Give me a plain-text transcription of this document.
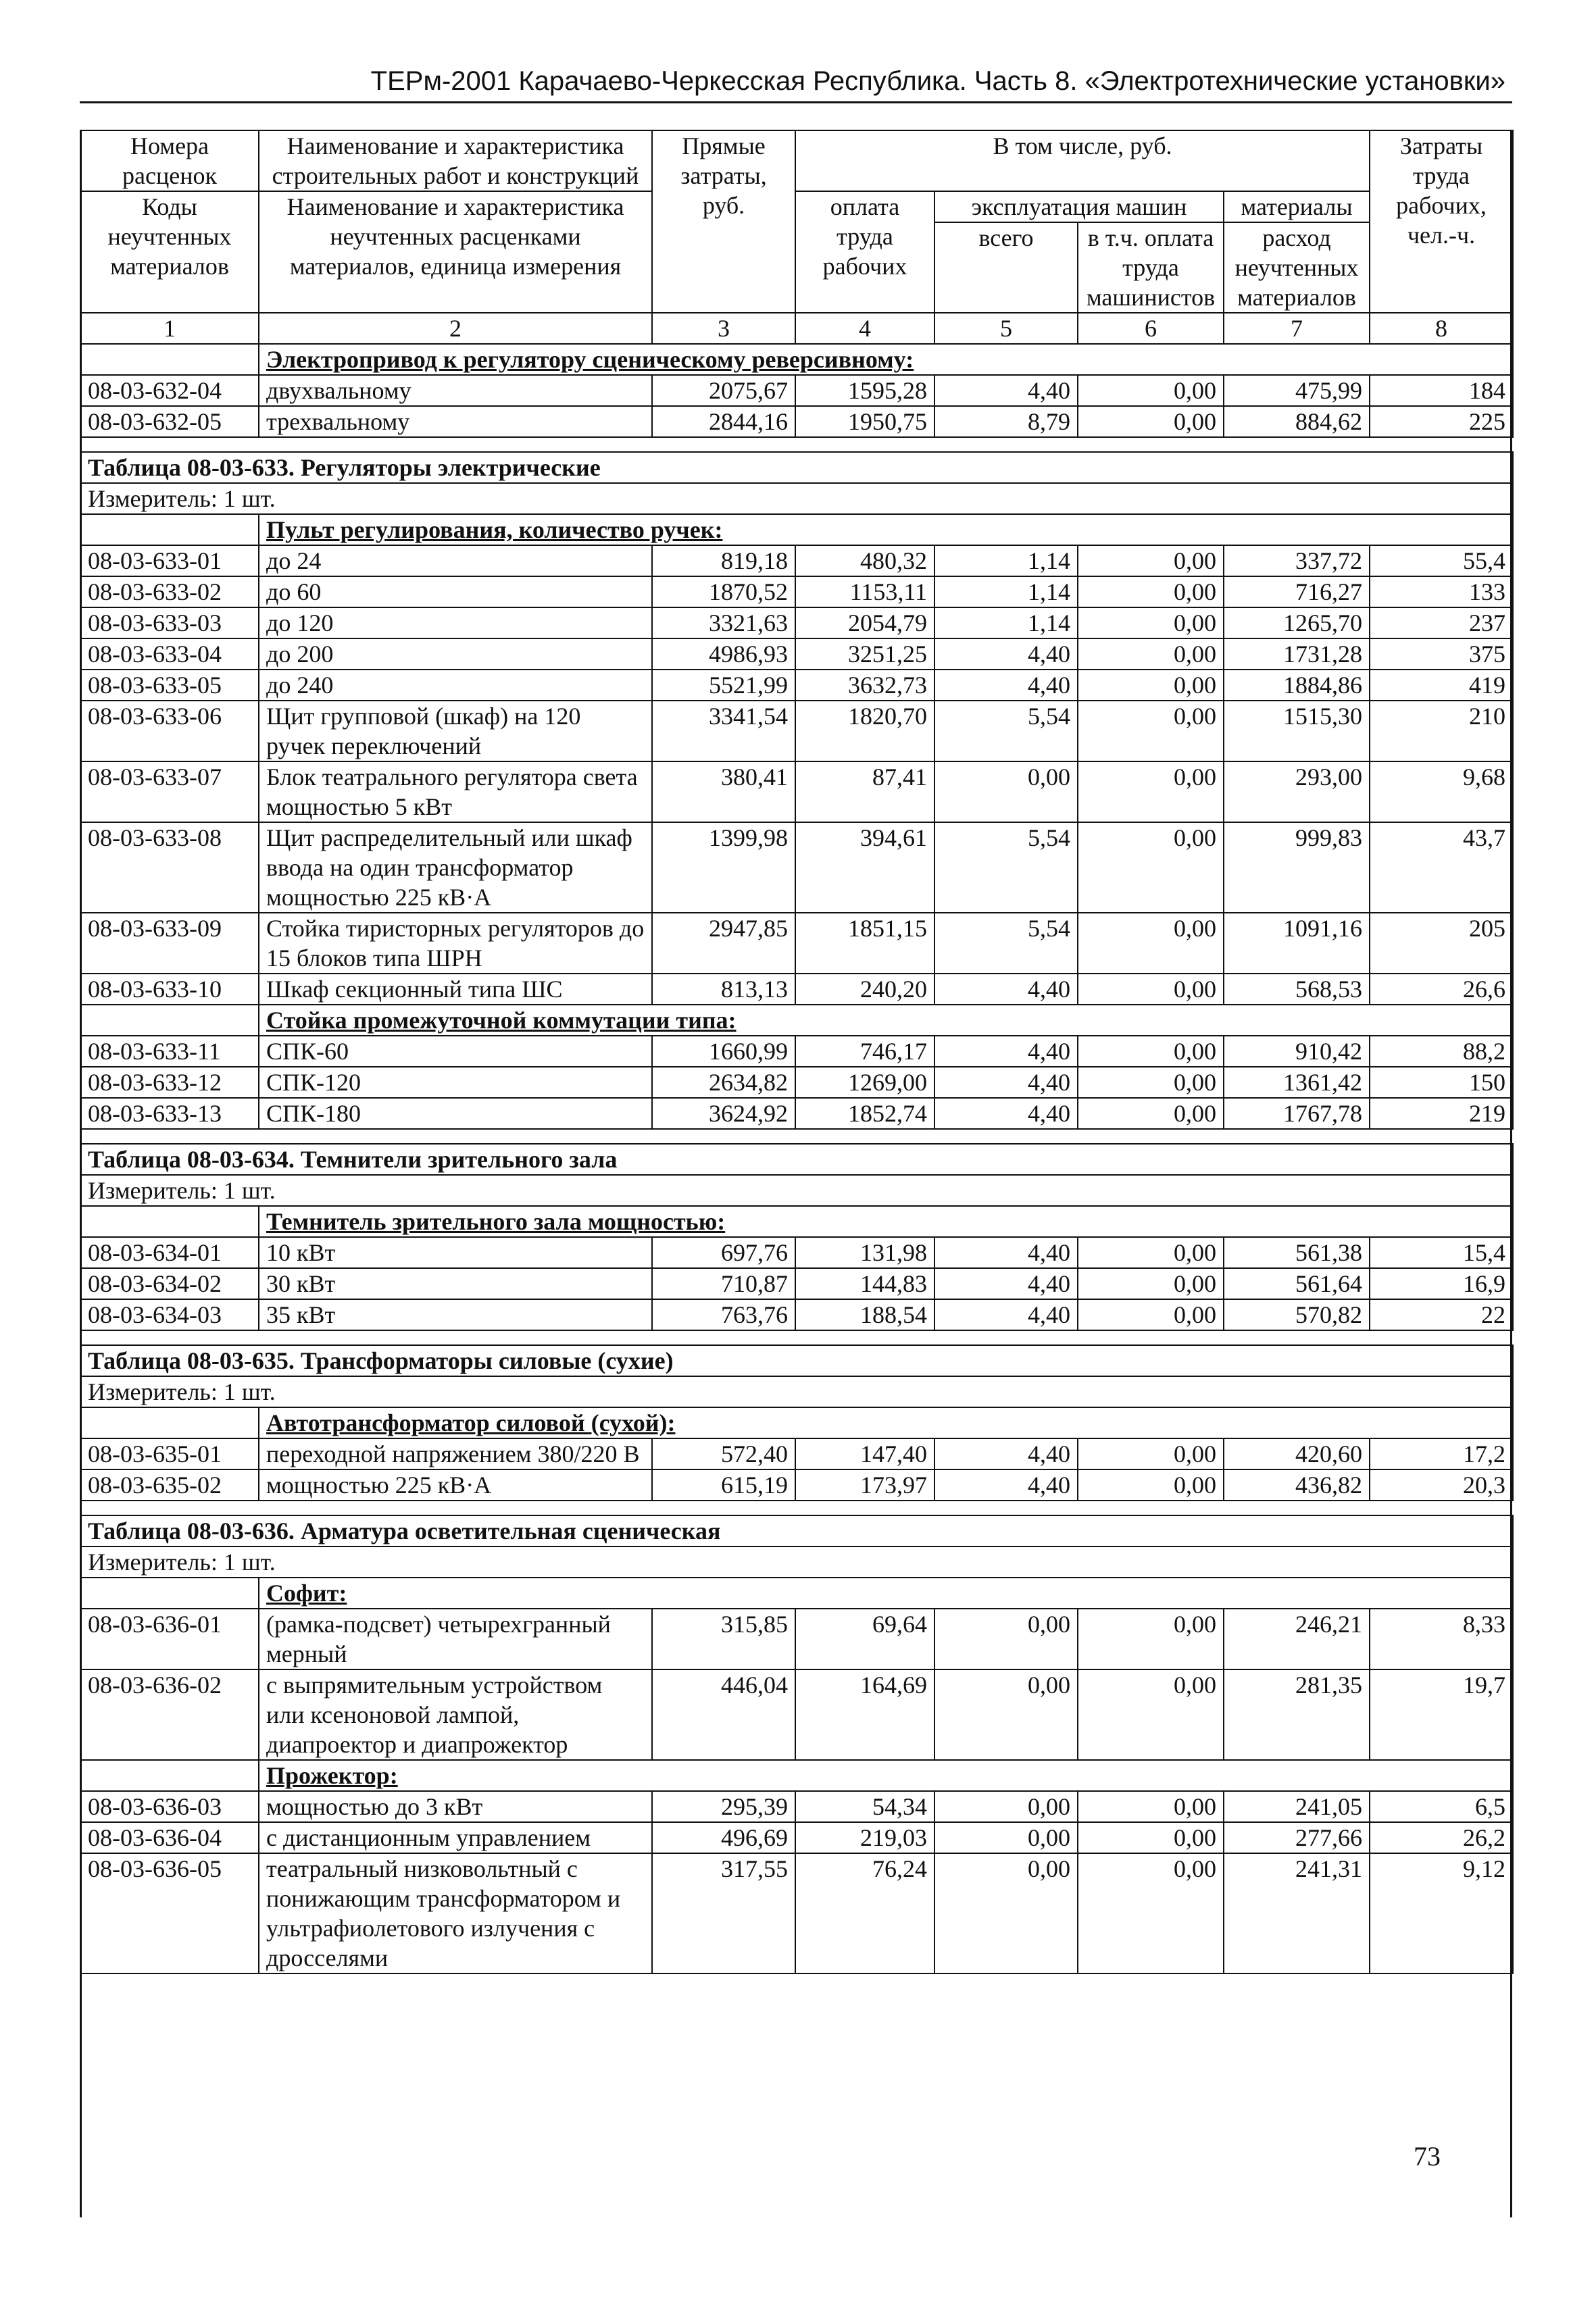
ТЕРм-2001 Карачаево-Черкесская Республика. Часть 8. «Электротехнические установки»
Номера расценок	Наименование и характеристика строительных работ и конструкций	Прямые затраты, руб.	В том числе, руб.				Затраты труда рабочих, чел.-ч.
Коды неучтенных материалов	Наименование и характеристика неучтенных расценками материалов, единица измерения		оплата труда рабочих	эксплуатация машин		материалы	
				всего	в т.ч. оплата труда машинистов	расход неучтенных материалов	
1	2	3	4	5	6	7	8
	Электропривод к регулятору сценическому реверсивному:						
08-03-632-04	двухвальному	2075,67	1595,28	4,40	0,00	475,99	184
08-03-632-05	трехвальному	2844,16	1950,75	8,79	0,00	884,62	225

Таблица 08-03-633. Регуляторы электрические							
Измеритель: 1 шт.							
	Пульт регулирования, количество ручек:						
08-03-633-01	до 24	819,18	480,32	1,14	0,00	337,72	55,4
08-03-633-02	до 60	1870,52	1153,11	1,14	0,00	716,27	133
08-03-633-03	до 120	3321,63	2054,79	1,14	0,00	1265,70	237
08-03-633-04	до 200	4986,93	3251,25	4,40	0,00	1731,28	375
08-03-633-05	до 240	5521,99	3632,73	4,40	0,00	1884,86	419
08-03-633-06	Щит групповой (шкаф) на 120 ручек переключений	3341,54	1820,70	5,54	0,00	1515,30	210
08-03-633-07	Блок театрального регулятора света мощностью 5 кВт	380,41	87,41	0,00	0,00	293,00	9,68
08-03-633-08	Щит распределительный или шкаф ввода на один трансформатор мощностью 225 кВ·А	1399,98	394,61	5,54	0,00	999,83	43,7
08-03-633-09	Стойка тиристорных регуляторов до 15 блоков типа ШРН	2947,85	1851,15	5,54	0,00	1091,16	205
08-03-633-10	Шкаф секционный типа ШС	813,13	240,20	4,40	0,00	568,53	26,6
	Стойка промежуточной коммутации типа:						
08-03-633-11	СПК-60	1660,99	746,17	4,40	0,00	910,42	88,2
08-03-633-12	СПК-120	2634,82	1269,00	4,40	0,00	1361,42	150
08-03-633-13	СПК-180	3624,92	1852,74	4,40	0,00	1767,78	219

Таблица 08-03-634. Темнители зрительного зала							
Измеритель: 1 шт.							
	Темнитель зрительного зала мощностью:						
08-03-634-01	10 кВт	697,76	131,98	4,40	0,00	561,38	15,4
08-03-634-02	30 кВт	710,87	144,83	4,40	0,00	561,64	16,9
08-03-634-03	35 кВт	763,76	188,54	4,40	0,00	570,82	22

Таблица 08-03-635. Трансформаторы силовые (сухие)							
Измеритель: 1 шт.							
	Автотрансформатор силовой (сухой):						
08-03-635-01	переходной напряжением 380/220 В	572,40	147,40	4,40	0,00	420,60	17,2
08-03-635-02	мощностью 225 кВ·А	615,19	173,97	4,40	0,00	436,82	20,3

Таблица 08-03-636. Арматура осветительная сценическая							
Измеритель: 1 шт.							
	Софит:						
08-03-636-01	(рамка-подсвет) четырехгранный мерный	315,85	69,64	0,00	0,00	246,21	8,33
08-03-636-02	с выпрямительным устройством или ксеноновой лампой, диапроектор и диапрожектор	446,04	164,69	0,00	0,00	281,35	19,7
	Прожектор:						
08-03-636-03	мощностью до 3 кВт	295,39	54,34	0,00	0,00	241,05	6,5
08-03-636-04	с дистанционным управлением	496,69	219,03	0,00	0,00	277,66	26,2
08-03-636-05	театральный низковольтный с понижающим трансформатором и ультрафиолетового излучения с дросселями	317,55	76,24	0,00	0,00	241,31	9,12
73
